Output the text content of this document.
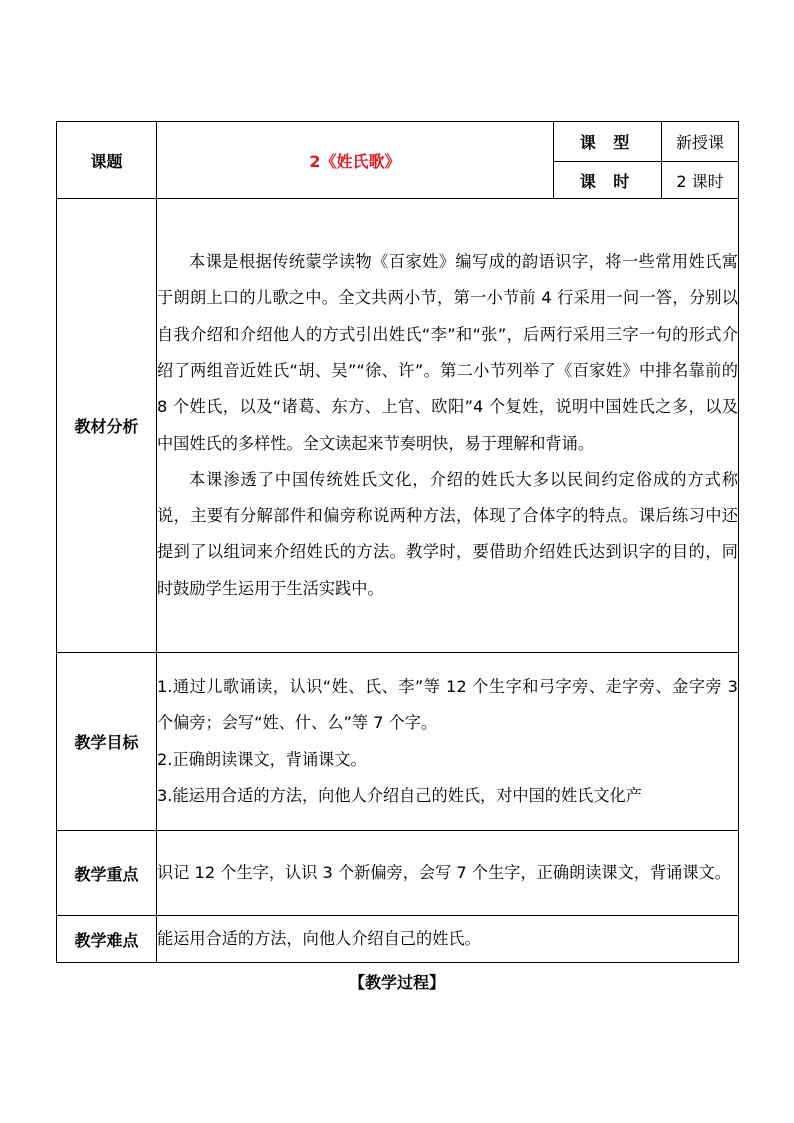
课题	2《姓氏歌》	课 型	新授课
		课 时	2 课时
教材分析	本课是根据传统蒙学读物《百家姓》编写成的韵语识字，将一些常用姓氏寓于朗朗上口的儿歌之中。全文共两小节，第一小节前 4 行采用一问一答，分别以自我介绍和介绍他人的方式引出姓氏“李”和“张”，后两行采用三字一句的形式介绍了两组音近姓氏“胡、吴”“徐、许”。第二小节列举了《百家姓》中排名靠前的 8 个姓氏，以及“诸葛、东方、上官、欧阳”4 个复姓，说明中国姓氏之多，以及中国姓氏的多样性。全文读起来节奏明快，易于理解和背诵。

本课渗透了中国传统姓氏文化，介绍的姓氏大多以民间约定俗成的方式称说，主要有分解部件和偏旁称说两种方法，体现了合体字的特点。课后练习中还提到了以组词来介绍姓氏的方法。教学时，要借助介绍姓氏达到识字的目的，同时鼓励学生运用于生活实践中。		

教学目标	1.通过儿歌诵读，认识“姓、氏、李”等 12 个生字和弓字旁、走字旁、金字旁 3 个偏旁；会写“姓、什、么”等 7 个字。

2.正确朗读课文，背诵课文。

3.能运用合适的方法，向他人介绍自己的姓氏，对中国的姓氏文化产		

教学重点	识记 12 个生字，认识 3 个新偏旁，会写 7 个生字，正确朗读课文，背诵课文。		

教学难点	能运用合适的方法，向他人介绍自己的姓氏。		

【教学过程】
